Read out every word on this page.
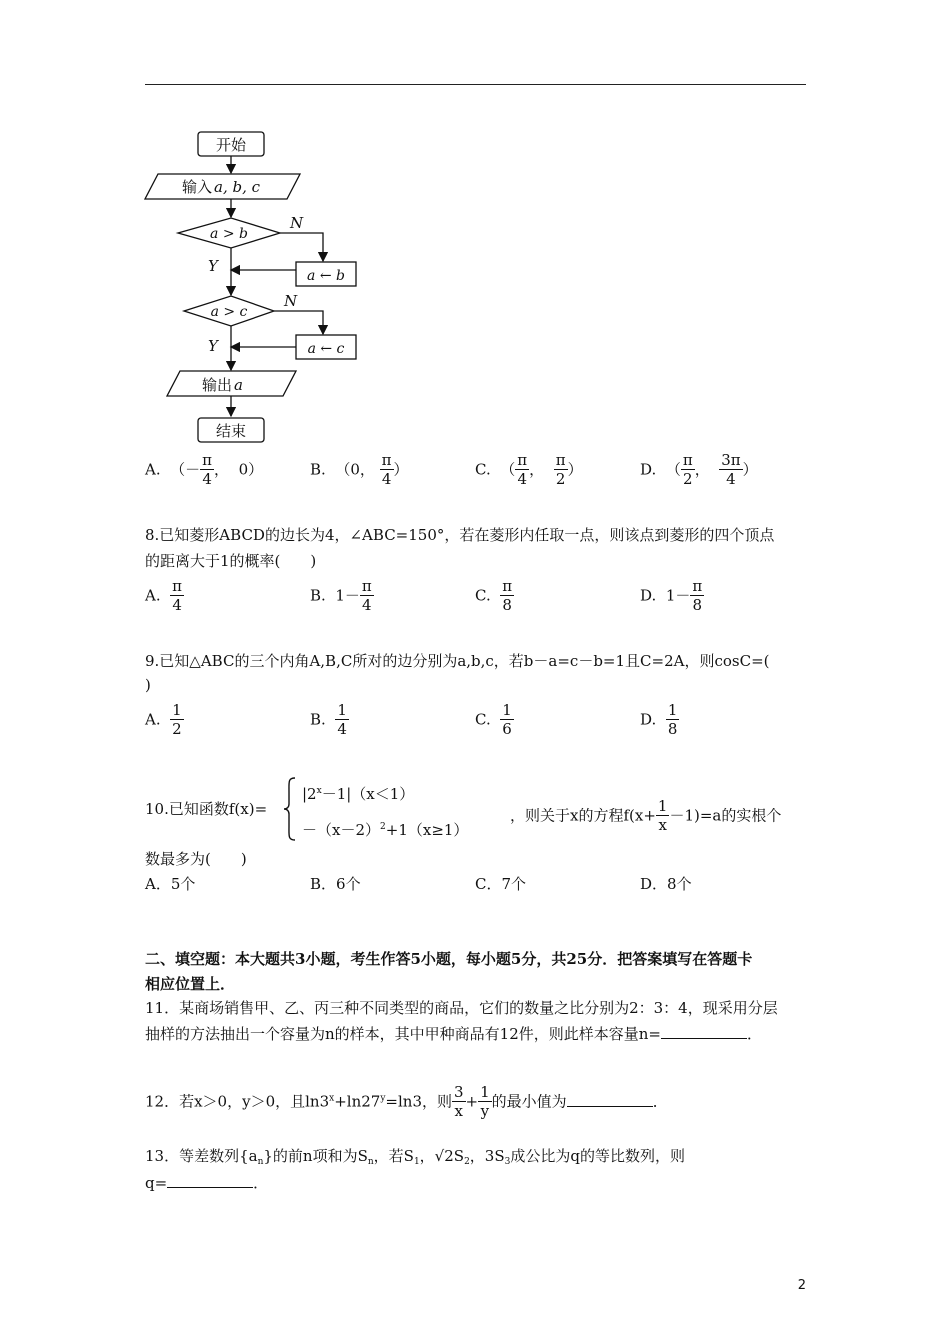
开始
输入 a, b, c
a > b
N
Y
a ← b
a > c
N
Y	a ← c
输出 a
结束
A. （－ $\frac{\pi}{4}$ ， 0）	B. （0， $\frac{\pi}{4}$ ）	C. （ $\frac{\pi}{4}$ ， $\frac{\pi}{2}$ ）	D. （ $\frac{\pi}{2}$ ， $\frac{3\pi}{4}$ ）
8.已知菱形ABCD的边长为4，∠ABC=150°，若在菱形内任取一点，则该点到菱形的四个顶点
的距离大于1的概率(　　)
A. $\frac{\pi}{4}$	B. $1- \frac{\pi}{4}$	C. $\frac{\pi}{8}$	D. $1- \frac{\pi}{8}$
9.已知△ABC的三个内角A,B,C所对的边分别为a,b,c，若b－a=c－b=1且C=2A，则cosC=(
)
A. $\frac{1}{2}$	B. $\frac{1}{4}$	C. $\frac{1}{6}$	D. $\frac{1}{8}$
10.已知函数f(x)=
$|2^x-1|(x<1)$
$-(x-2)^2+1(x\ge 1)$
，则关于x的方程$f(x+ \frac{1}{x} -1)=a$的实根个
数最多为(　　)
A．5个	B．6个	C．7个	D．8个
二、填空题：本大题共3小题，考生作答5小题，每小题5分，共25分．把答案填写在答题卡
相应位置上．
11．某商场销售甲、乙、丙三种不同类型的商品，它们的数量之比分别为2：3：4，现采用分层
抽样的方法抽出一个容量为n的样本，其中甲种商品有12件，则此样本容量n=	．
12．若x＞0，y＞0，且$\ln 3^x+\ln 27^y=\ln 3$，则 $\frac{3}{x} + \frac{1}{y}$ 的最小值为	．
13．等差数列$\{a_n\}$的前n项和为$S_n$，若$S_1$，$√2S_2$，$3S_3$成公比为q的等比数列，则
q=	．
2
